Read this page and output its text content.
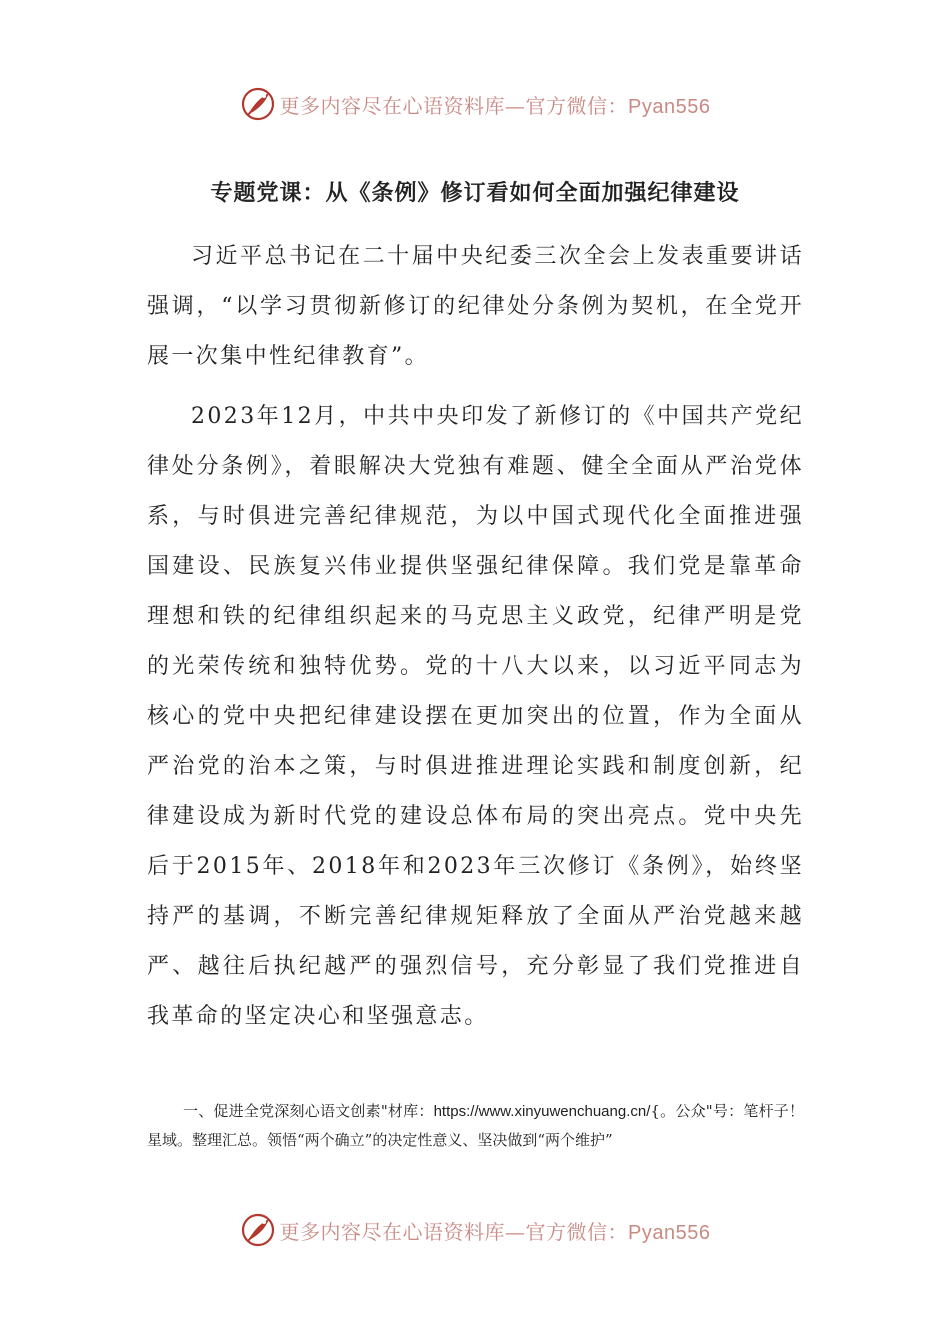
更多内容尽在心语资料库—官方微信：Pyan556
专题党课：从《条例》修订看如何全面加强纪律建设

习近平总书记在二十届中央纪委三次全会上发表重要讲话强调，“以学习贯彻新修订的纪律处分条例为契机，在全党开展一次集中性纪律教育”。

2023年12月，中共中央印发了新修订的《中国共产党纪律处分条例》，着眼解决大党独有难题、健全全面从严治党体系，与时俱进完善纪律规范，为以中国式现代化全面推进强国建设、民族复兴伟业提供坚强纪律保障。我们党是靠革命理想和铁的纪律组织起来的马克思主义政党，纪律严明是党的光荣传统和独特优势。党的十八大以来，以习近平同志为核心的党中央把纪律建设摆在更加突出的位置，作为全面从严治党的治本之策，与时俱进推进理论实践和制度创新，纪律建设成为新时代党的建设总体布局的突出亮点。党中央先后于2015年、2018年和2023年三次修订《条例》，始终坚持严的基调，不断完善纪律规矩释放了全面从严治党越来越严、越往后执纪越严的强烈信号，充分彰显了我们党推进自我革命的坚定决心和坚强意志。

一、促进全党深刻心语文创素"材库：https://www.xinyuwenchuang.cn/{。公众"号：笔杆子！星域。整理汇总。领悟“两个确立”的决定性意义、坚决做到“两个维护”

更多内容尽在心语资料库—官方微信：Pyan556
